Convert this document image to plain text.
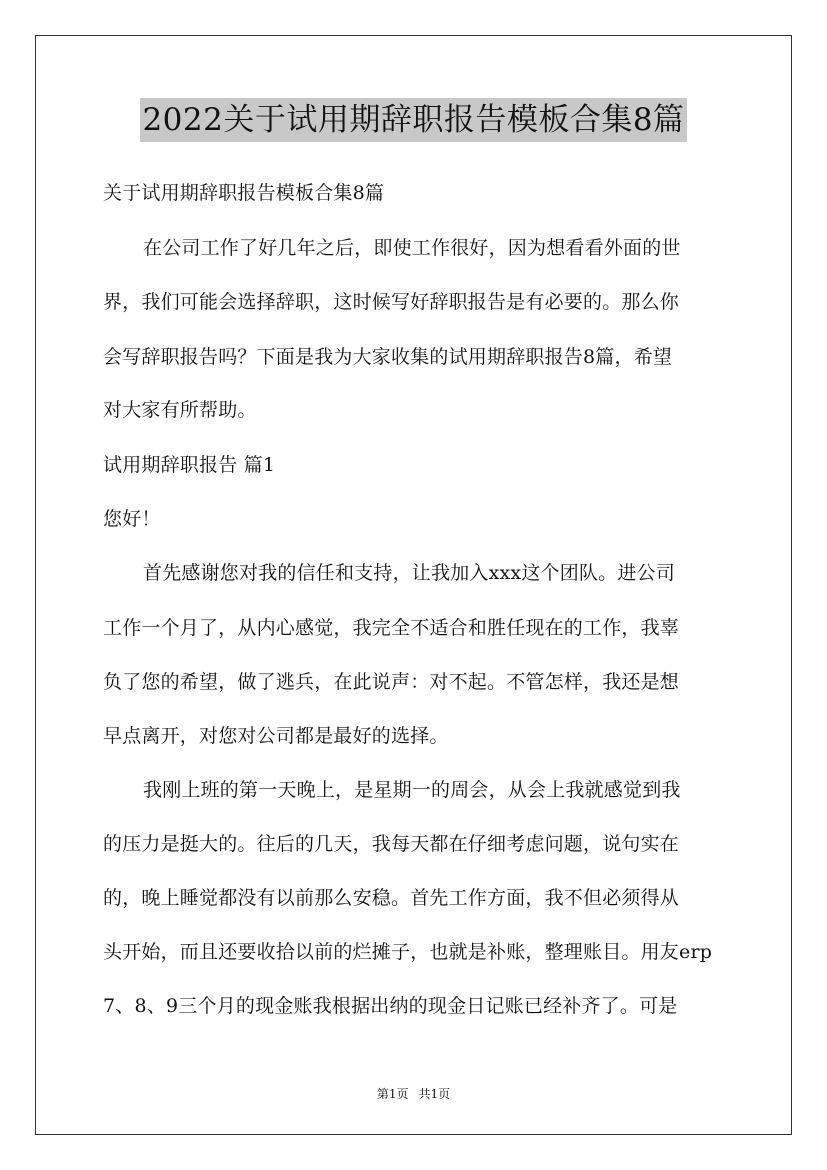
2022关于试用期辞职报告模板合集8篇
关于试用期辞职报告模板合集8篇
在公司工作了好几年之后，即使工作很好，因为想看看外面的世
界，我们可能会选择辞职，这时候写好辞职报告是有必要的。那么你
会写辞职报告吗？下面是我为大家收集的试用期辞职报告8篇，希望
对大家有所帮助。
试用期辞职报告 篇1
您好！
首先感谢您对我的信任和支持，让我加入xxx这个团队。进公司
工作一个月了，从内心感觉，我完全不适合和胜任现在的工作，我辜
负了您的希望，做了逃兵，在此说声：对不起。不管怎样，我还是想
早点离开，对您对公司都是最好的选择。
我刚上班的第一天晚上，是星期一的周会，从会上我就感觉到我
的压力是挺大的。往后的几天，我每天都在仔细考虑问题，说句实在
的，晚上睡觉都没有以前那么安稳。首先工作方面，我不但必须得从
头开始，而且还要收拾以前的烂摊子，也就是补账，整理账目。用友erp
7、8、9三个月的现金账我根据出纳的现金日记账已经补齐了。可是
第1页 共1页
